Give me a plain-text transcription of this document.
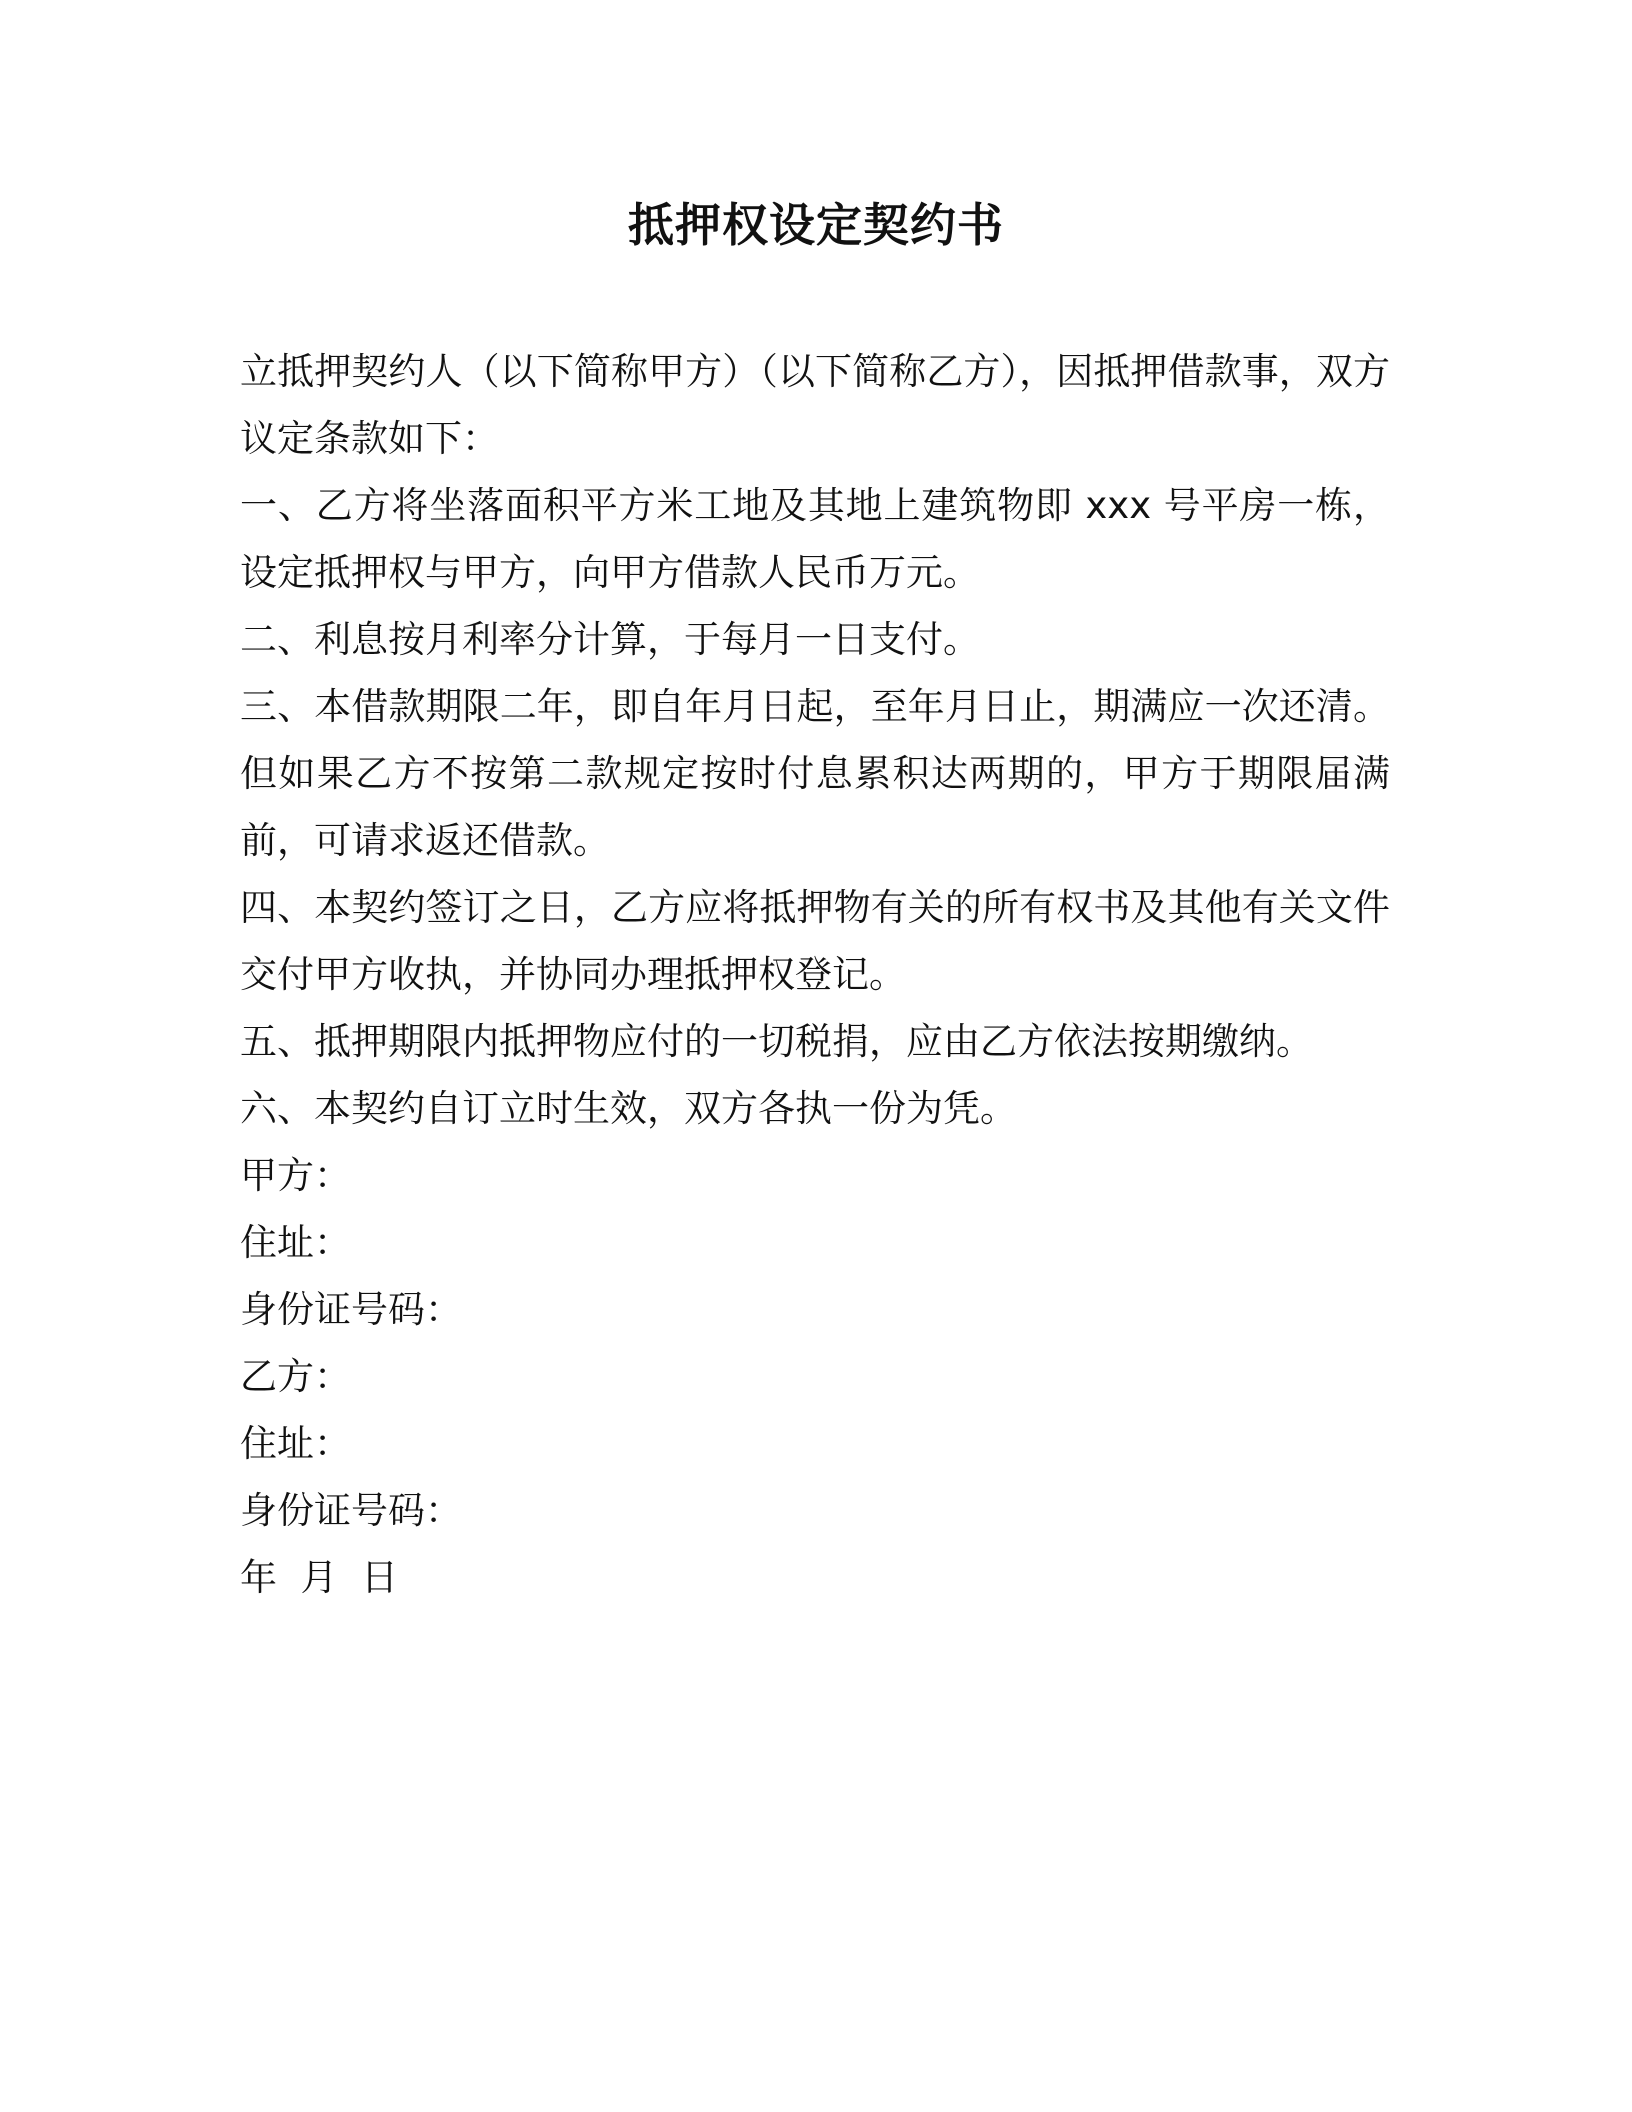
抵押权设定契约书

立抵押契约人（以下简称甲方）（以下简称乙方），因抵押借款事，双方议定条款如下：

一、乙方将坐落面积平方米工地及其地上建筑物即 xxx 号平房一栋，设定抵押权与甲方，向甲方借款人民币万元。

二、利息按月利率分计算，于每月一日支付。

三、本借款期限二年，即自年月日起，至年月日止，期满应一次还清。但如果乙方不按第二款规定按时付息累积达两期的，甲方于期限届满前，可请求返还借款。

四、本契约签订之日，乙方应将抵押物有关的所有权书及其他有关文件交付甲方收执，并协同办理抵押权登记。

五、抵押期限内抵押物应付的一切税捐，应由乙方依法按期缴纳。

六、本契约自订立时生效，双方各执一份为凭。

甲方：

住址：

身份证号码：

乙方：

住址：

身份证号码：

年  月  日
